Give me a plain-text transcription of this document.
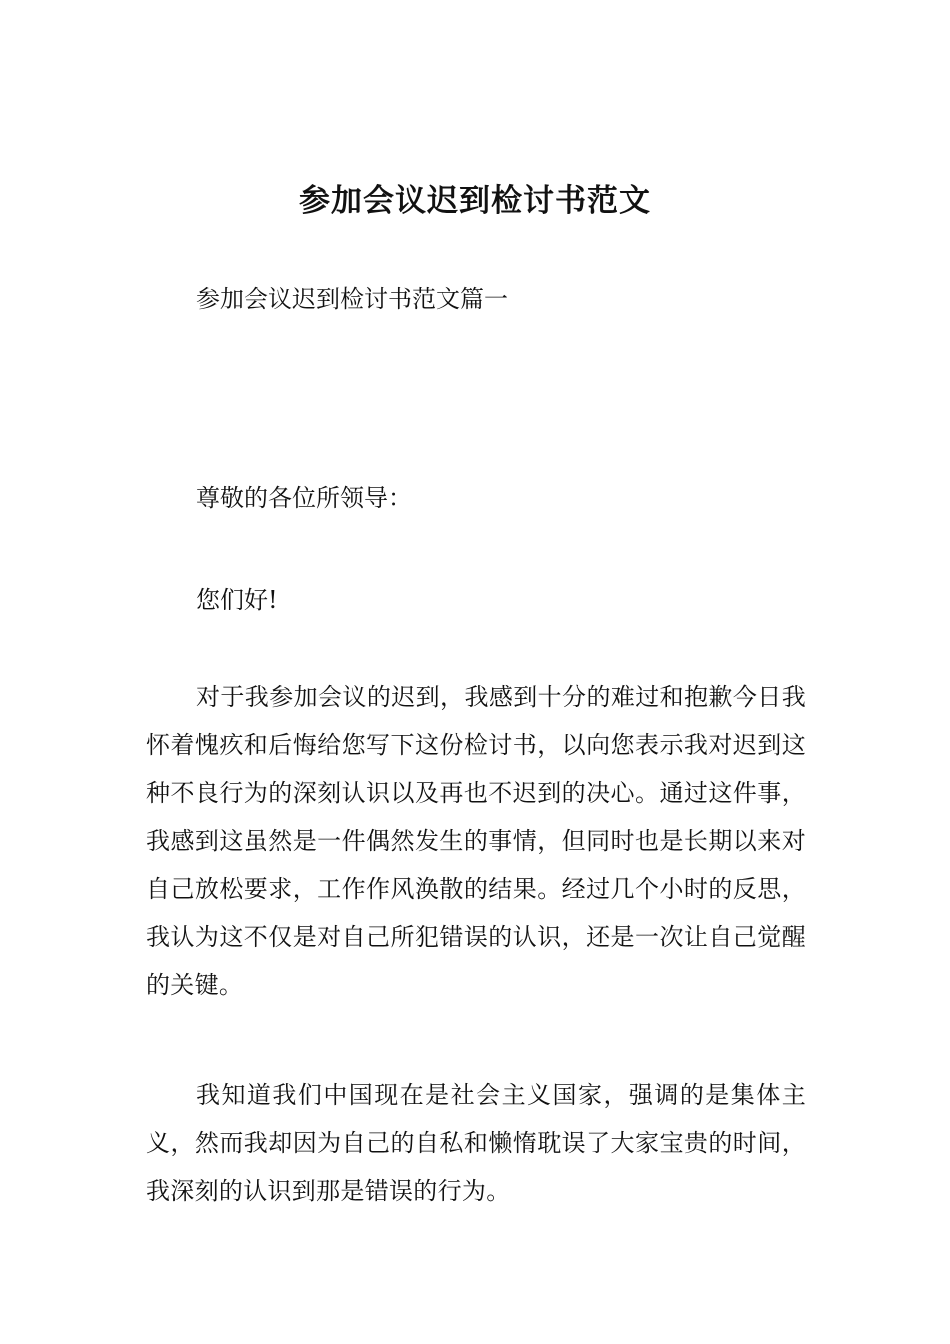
参加会议迟到检讨书范文
参加会议迟到检讨书范文篇一
尊敬的各位所领导：
您们好!
对于我参加会议的迟到，我感到十分的难过和抱歉今日我怀着愧疚和后悔给您写下这份检讨书，以向您表示我对迟到这种不良行为的深刻认识以及再也不迟到的决心。通过这件事，我感到这虽然是一件偶然发生的事情，但同时也是长期以来对自己放松要求，工作作风涣散的结果。经过几个小时的反思，我认为这不仅是对自己所犯错误的认识，还是一次让自己觉醒的关键。
我知道我们中国现在是社会主义国家，强调的是集体主义，然而我却因为自己的自私和懒惰耽误了大家宝贵的时间，我深刻的认识到那是错误的行为。
